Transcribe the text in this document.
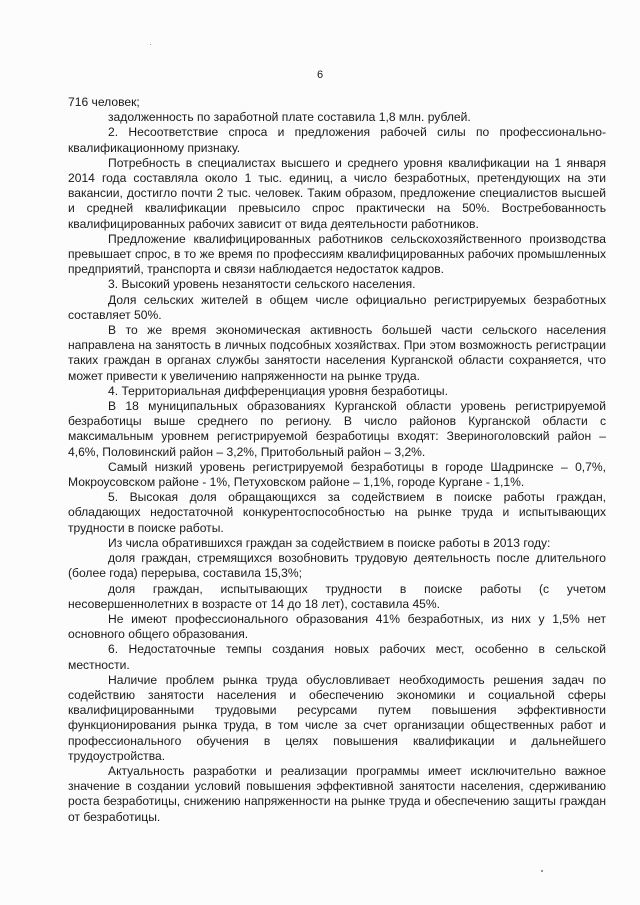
6

716 человек;

задолженность по заработной плате составила 1,8 млн. рублей.

2. Несоответствие спроса и предложения рабочей силы по профессионально-квалификационному признаку.

Потребность в специалистах высшего и среднего уровня квалификации на 1 января 2014 года составляла около 1 тыс. единиц, а число безработных, претендующих на эти вакансии, достигло почти 2 тыс. человек. Таким образом, предложение специалистов высшей и средней квалификации превысило спрос практически на 50%. Востребованность квалифицированных рабочих зависит от вида деятельности работников.

Предложение квалифицированных работников сельскохозяйственного производства превышает спрос, в то же время по профессиям квалифицированных рабочих промышленных предприятий, транспорта и связи наблюдается недостаток кадров.

3. Высокий уровень незанятости сельского населения.

Доля сельских жителей в общем числе официально регистрируемых безработных составляет 50%.

В то же время экономическая активность большей части сельского населения направлена на занятость в личных подсобных хозяйствах. При этом возможность регистрации таких граждан в органах службы занятости населения Курганской области сохраняется, что может привести к увеличению напряженности на рынке труда.

4. Территориальная дифференциация уровня безработицы.

В 18 муниципальных образованиях Курганской области уровень регистрируемой безработицы выше среднего по региону. В число районов Курганской области с максимальным уровнем регистрируемой безработицы входят: Звериноголовский район – 4,6%, Половинский район – 3,2%, Притобольный район – 3,2%.

Самый низкий уровень регистрируемой безработицы в городе Шадринске – 0,7%, Мокроусовском районе - 1%, Петуховском районе – 1,1%, городе Кургане - 1,1%.

5. Высокая доля обращающихся за содействием в поиске работы граждан, обладающих недостаточной конкурентоспособностью на рынке труда и испытывающих трудности в поиске работы.

Из числа обратившихся граждан за содействием в поиске работы в 2013 году:

доля граждан, стремящихся возобновить трудовую деятельность после длительного (более года) перерыва, составила 15,3%;

доля граждан, испытывающих трудности в поиске работы (с учетом несовершеннолетних в возрасте от 14 до 18 лет), составила 45%.

Не имеют профессионального образования 41% безработных, из них у 1,5% нет основного общего образования.

6. Недостаточные темпы создания новых рабочих мест, особенно в сельской местности.

Наличие проблем рынка труда обусловливает необходимость решения задач по содействию занятости населения и обеспечению экономики и социальной сферы квалифицированными трудовыми ресурсами путем повышения эффективности функционирования рынка труда, в том числе за счет организации общественных работ и профессионального обучения в целях повышения квалификации и дальнейшего трудоустройства.

Актуальность разработки и реализации программы имеет исключительно важное значение в создании условий повышения эффективной занятости населения, сдерживанию роста безработицы, снижению напряженности на рынке труда и обеспечению защиты граждан от безработицы.
